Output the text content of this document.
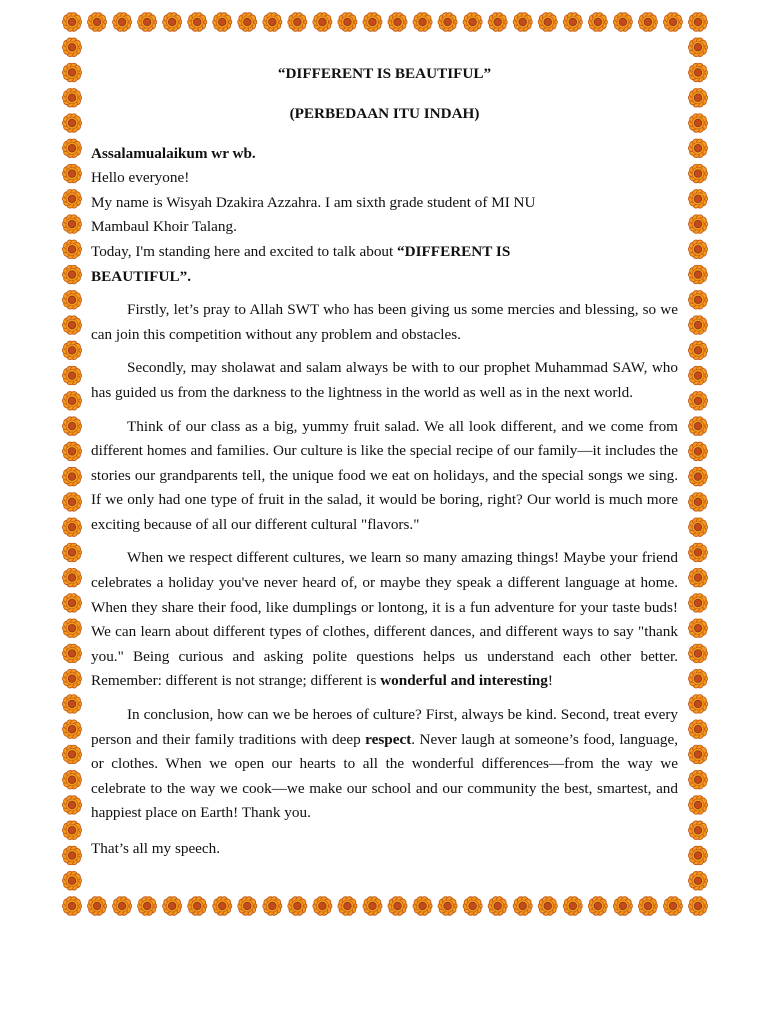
“DIFFERENT IS BEAUTIFUL”

(PERBEDAAN ITU INDAH)

Assalamualaikum wr wb.

Hello everyone!

My name is Wisyah Dzakira Azzahra. I am sixth grade student of MI NU

Mambaul Khoir Talang.

Today, I'm standing here and excited to talk about “DIFFERENT IS

BEAUTIFUL”.

Firstly, let’s pray to Allah SWT who has been giving us some mercies and blessing, so we can join this competition without any problem and obstacles.

Secondly, may sholawat and salam always be with to our prophet Muhammad SAW, who has guided us from the darkness to the lightness in the world as well as in the next world.

Think of our class as a big, yummy fruit salad. We all look different, and we come from different homes and families. Our culture is like the special recipe of our family—it includes the stories our grandparents tell, the unique food we eat on holidays, and the special songs we sing. If we only had one type of fruit in the salad, it would be boring, right? Our world is much more exciting because of all our different cultural "flavors."

When we respect different cultures, we learn so many amazing things! Maybe your friend celebrates a holiday you've never heard of, or maybe they speak a different language at home. When they share their food, like dumplings or lontong, it is a fun adventure for your taste buds! We can learn about different types of clothes, different dances, and different ways to say "thank you." Being curious and asking polite questions helps us understand each other better. Remember: different is not strange; different is wonderful and interesting!

In conclusion, how can we be heroes of culture? First, always be kind. Second, treat every person and their family traditions with deep respect. Never laugh at someone’s food, language, or clothes. When we open our hearts to all the wonderful differences—from the way we celebrate to the way we cook—we make our school and our community the best, smartest, and happiest place on Earth! Thank you.

That’s all my speech.
